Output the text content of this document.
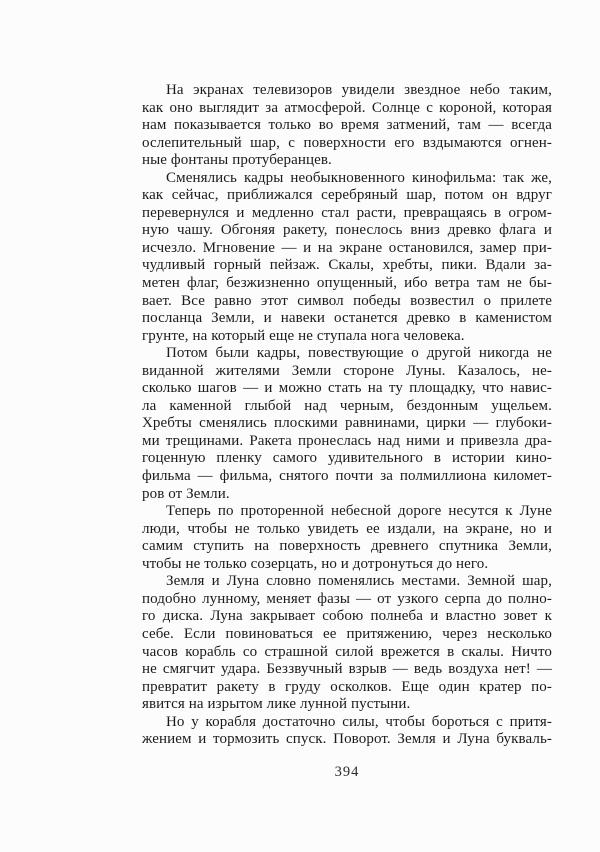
На экранах телевизоров увидели звездное небо таким,
как оно выглядит за атмосферой. Солнце с короной, которая
нам показывается только во время затмений, там — всегда
ослепительный шар, с поверхности его вздымаются огнен-
ные фонтаны протуберанцев.
Сменялись кадры необыкновенного кинофильма: так же,
как сейчас, приближался серебряный шар, потом он вдруг
перевернулся и медленно стал расти, превращаясь в огром-
ную чашу. Обгоняя ракету, понеслось вниз древко флага и
исчезло. Мгновение — и на экране остановился, замер при-
чудливый горный пейзаж. Скалы, хребты, пики. Вдали за-
метен флаг, безжизненно опущенный, ибо ветра там не бы-
вает. Все равно этот символ победы возвестил о прилете
посланца Земли, и навеки останется древко в каменистом
грунте, на который еще не ступала нога человека.
Потом были кадры, повествующие о другой никогда не
виданной жителями Земли стороне Луны. Казалось, не-
сколько шагов — и можно стать на ту площадку, что навис-
ла каменной глыбой над черным, бездонным ущельем.
Хребты сменялись плоскими равнинами, цирки — глубоки-
ми трещинами. Ракета пронеслась над ними и привезла дра-
гоценную пленку самого удивительного в истории кино-
фильма — фильма, снятого почти за полмиллиона километ-
ров от Земли.
Теперь по проторенной небесной дороге несутся к Луне
люди, чтобы не только увидеть ее издали, на экране, но и
самим ступить на поверхность древнего спутника Земли,
чтобы не только созерцать, но и дотронуться до него.
Земля и Луна словно поменялись местами. Земной шар,
подобно лунному, меняет фазы — от узкого серпа до полно-
го диска. Луна закрывает собою полнеба и властно зовет к
себе. Если повиноваться ее притяжению, через несколько
часов корабль со страшной силой врежется в скалы. Ничто
не смягчит удара. Беззвучный взрыв — ведь воздуха нет! —
превратит ракету в груду осколков. Еще один кратер по-
явится на изрытом лике лунной пустыни.
Но у корабля достаточно силы, чтобы бороться с притя-
жением и тормозить спуск. Поворот. Земля и Луна букваль-
394
